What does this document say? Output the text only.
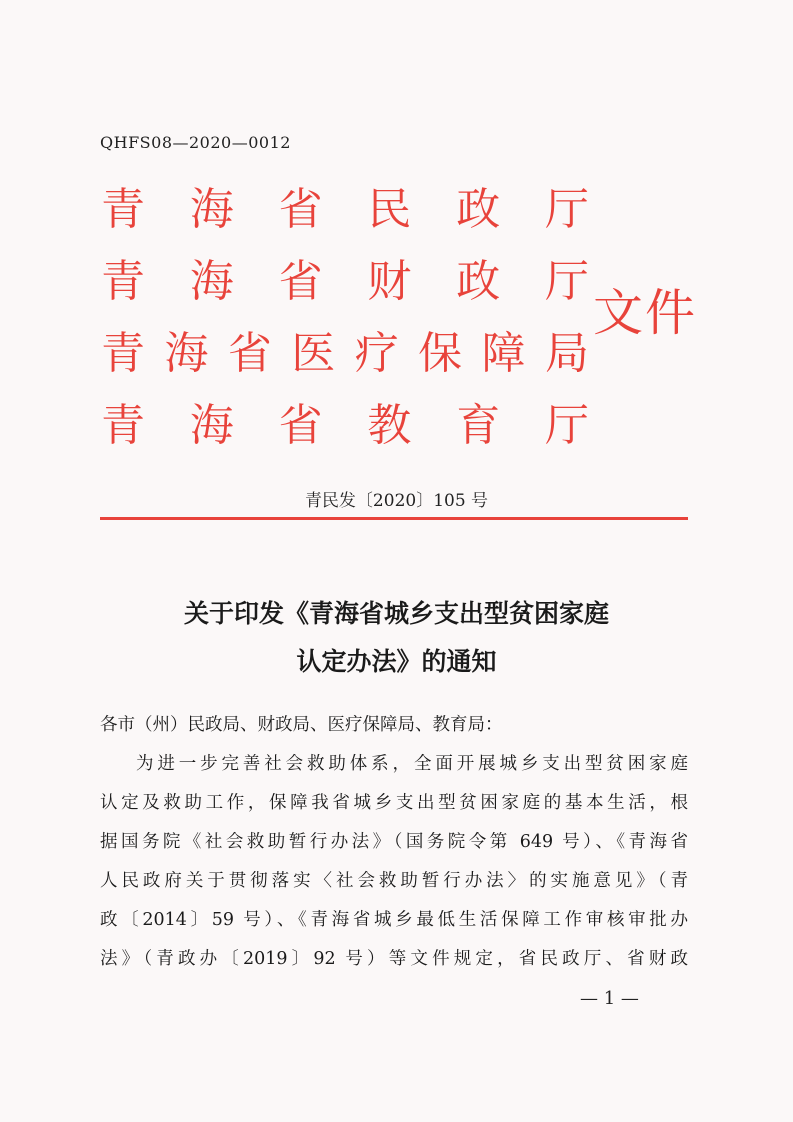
QHFS08—2020—0012
青 海 省 民 政 厅
青 海 省 财 政 厅
青 海 省 医 疗 保 障 局
青 海 省 教 育 厅
文件
青民发〔2020〕105 号
关于印发《青海省城乡支出型贫困家庭
认定办法》的通知
各市（州）民政局、财政局、医疗保障局、教育局：
为进一步完善社会救助体系，全面开展城乡支出型贫困家庭
认定及救助工作，保障我省城乡支出型贫困家庭的基本生活，根
据国务院《社会救助暂行办法》（国务院令第 649 号）、《青海省
人民政府关于贯彻落实〈社会救助暂行办法〉的实施意见》（青
政〔2014〕59 号）、《青海省城乡最低生活保障工作审核审批办
法》（青政办〔2019〕92 号）等文件规定，省民政厅、省财政
— 1 —
